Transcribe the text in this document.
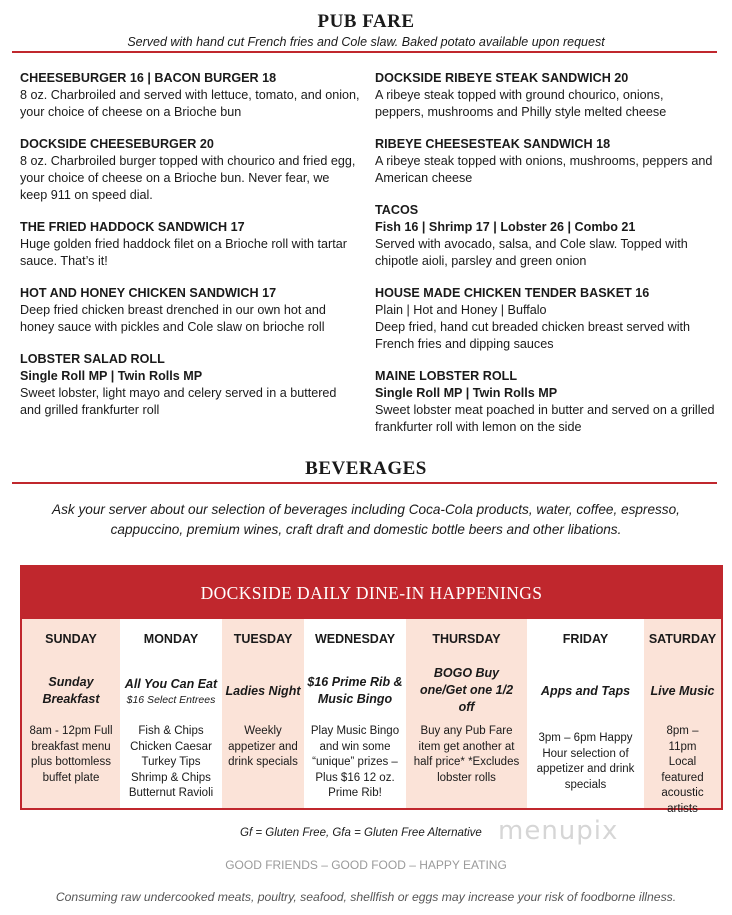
PUB FARE
Served with hand cut French fries and Cole slaw. Baked potato available upon request
CHEESEBURGER 16 | BACON BURGER 18
8 oz. Charbroiled and served with lettuce, tomato, and onion, your choice of cheese on a Brioche bun
DOCKSIDE CHEESEBURGER 20
8 oz. Charbroiled burger topped with chourico and fried egg, your choice of cheese on a Brioche bun. Never fear, we keep 911 on speed dial.
THE FRIED HADDOCK SANDWICH 17
Huge golden fried haddock filet on a Brioche roll with tartar sauce. That’s it!
HOT AND HONEY CHICKEN SANDWICH 17
Deep fried chicken breast drenched in our own hot and honey sauce with pickles and Cole slaw on brioche roll
LOBSTER SALAD ROLL
Single Roll MP | Twin Rolls MP
Sweet lobster, light mayo and celery served in a buttered and grilled frankfurter roll
DOCKSIDE RIBEYE STEAK SANDWICH 20
A ribeye steak topped with ground chourico, onions, peppers, mushrooms and Philly style melted cheese
RIBEYE CHEESESTEAK SANDWICH 18
A ribeye steak topped with onions, mushrooms, peppers and American cheese
TACOS
Fish 16 | Shrimp 17 | Lobster 26 | Combo 21
Served with avocado, salsa, and Cole slaw. Topped with chipotle aioli, parsley and green onion
HOUSE MADE CHICKEN TENDER BASKET 16
Plain | Hot and Honey | Buffalo
Deep fried, hand cut breaded chicken breast served with French fries and dipping sauces
MAINE LOBSTER ROLL
Single Roll MP | Twin Rolls MP
Sweet lobster meat poached in butter and served on a grilled frankfurter roll with lemon on the side
BEVERAGES
Ask your server about our selection of beverages including Coca-Cola products, water, coffee, espresso, cappuccino, premium wines, craft draft and domestic bottle beers and other libations.
DOCKSIDE DAILY DINE-IN HAPPENINGS
SUNDAY
Sunday Breakfast
8am - 12pm Full breakfast menu plus bottomless buffet plate
MONDAY
All You Can Eat
$16 Select Entrees
Fish & Chips Chicken Caesar Turkey Tips Shrimp & Chips Butternut Ravioli
TUESDAY
Ladies Night
Weekly appetizer and drink specials
WEDNESDAY
$16 Prime Rib & Music Bingo
Play Music Bingo and win some “unique” prizes – Plus $16 12 oz. Prime Rib!
THURSDAY
BOGO Buy one/Get one 1/2 off
Buy any Pub Fare item get another at half price* *Excludes lobster rolls
FRIDAY
Apps and Taps
3pm – 6pm Happy Hour selection of appetizer and drink specials
SATURDAY
Live Music
8pm – 11pm Local featured acoustic artists
Gf = Gluten Free, Gfa = Gluten Free Alternative menupix
GOOD FRIENDS – GOOD FOOD – HAPPY EATING
Consuming raw undercooked meats, poultry, seafood, shellfish or eggs may increase your risk of foodborne illness.
